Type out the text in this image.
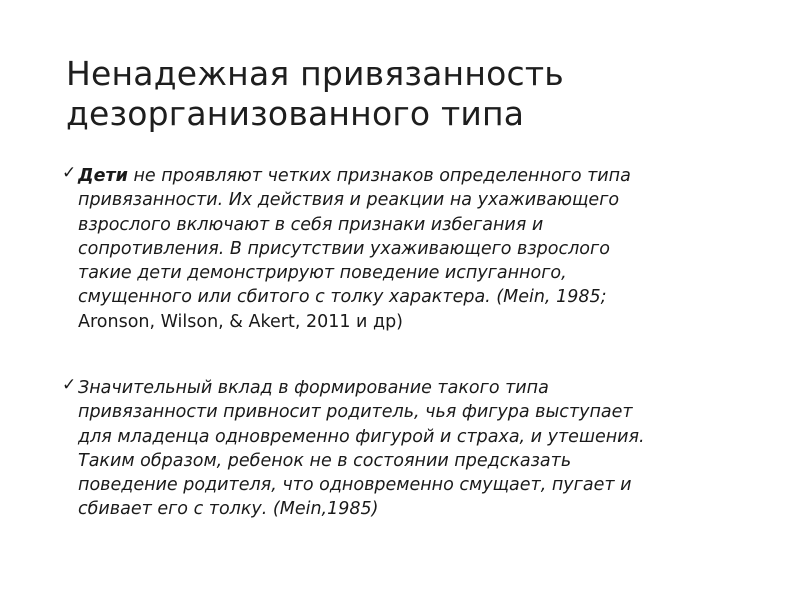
Ненадежная привязанность
дезорганизованного типа
✓ Дети не проявляют четких признаков определенного типа
привязанности. Их действия и реакции на ухаживающего
взрослого включают в себя признаки избегания и
сопротивления. В присутствии ухаживающего взрослого
такие дети демонстрируют поведение испуганного,
смущенного или сбитого с толку характера. (Mein, 1985;
Aronson, Wilson, & Akert, 2011 и др)
✓ Значительный вклад в формирование такого типа
привязанности привносит родитель, чья фигура выступает
для младенца одновременно фигурой и страха, и утешения.
Таким образом, ребенок не в состоянии предсказать
поведение родителя, что одновременно смущает, пугает и
сбивает его с толку. (Mein,1985)
